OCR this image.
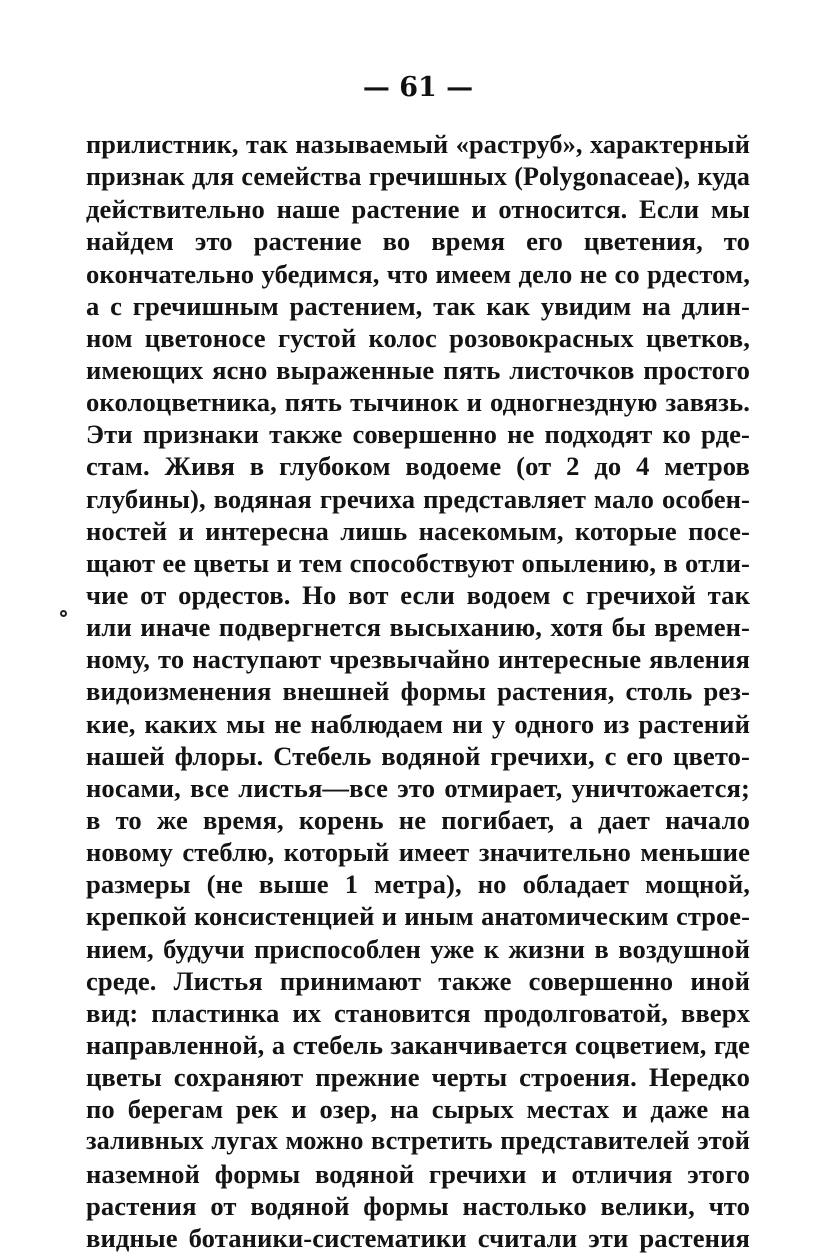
— 61 —
прилистник, так называемый «раструб», характерный
признак для семейства гречишных (Polygonaceae), куда
действительно наше растение и относится. Если мы
найдем это растение во время его цветения, то
окончательно убедимся, что имеем дело не со рдестом,
а с гречишным растением, так как увидим на длин-
ном цветоносе густой колос розовокрасных цветков,
имеющих ясно выраженные пять листочков простого
околоцветника, пять тычинок и одногнездную завязь.
Эти признаки также совершенно не подходят ко рде-
стам. Живя в глубоком водоеме (от 2 до 4 метров
глубины), водяная гречиха представляет мало особен-
ностей и интересна лишь насекомым, которые посе-
щают ее цветы и тем способствуют опылению, в отли-
чие от ордестов. Но вот если водоем с гречихой так
или иначе подвергнется высыханию, хотя бы времен-
ному, то наступают чрезвычайно интересные явления
видоизменения внешней формы растения, столь рез-
кие, каких мы не наблюдаем ни у одного из растений
нашей флоры. Стебель водяной гречихи, с его цвето-
носами, все листья—все это отмирает, уничтожается;
в то же время, корень не погибает, а дает начало
новому стеблю, который имеет значительно меньшие
размеры (не выше 1 метра), но обладает мощной,
крепкой консистенцией и иным анатомическим строе-
нием, будучи приспособлен уже к жизни в воздушной
среде. Листья принимают также совершенно иной
вид: пластинка их становится продолговатой, вверх
направленной, а стебель заканчивается соцветием, где
цветы сохраняют прежние черты строения. Нередко
по берегам рек и озер, на сырых местах и даже на
заливных лугах можно встретить представителей этой
наземной формы водяной гречихи и отличия этого
растения от водяной формы настолько велики, что
видные ботаники-систематики считали эти растения
